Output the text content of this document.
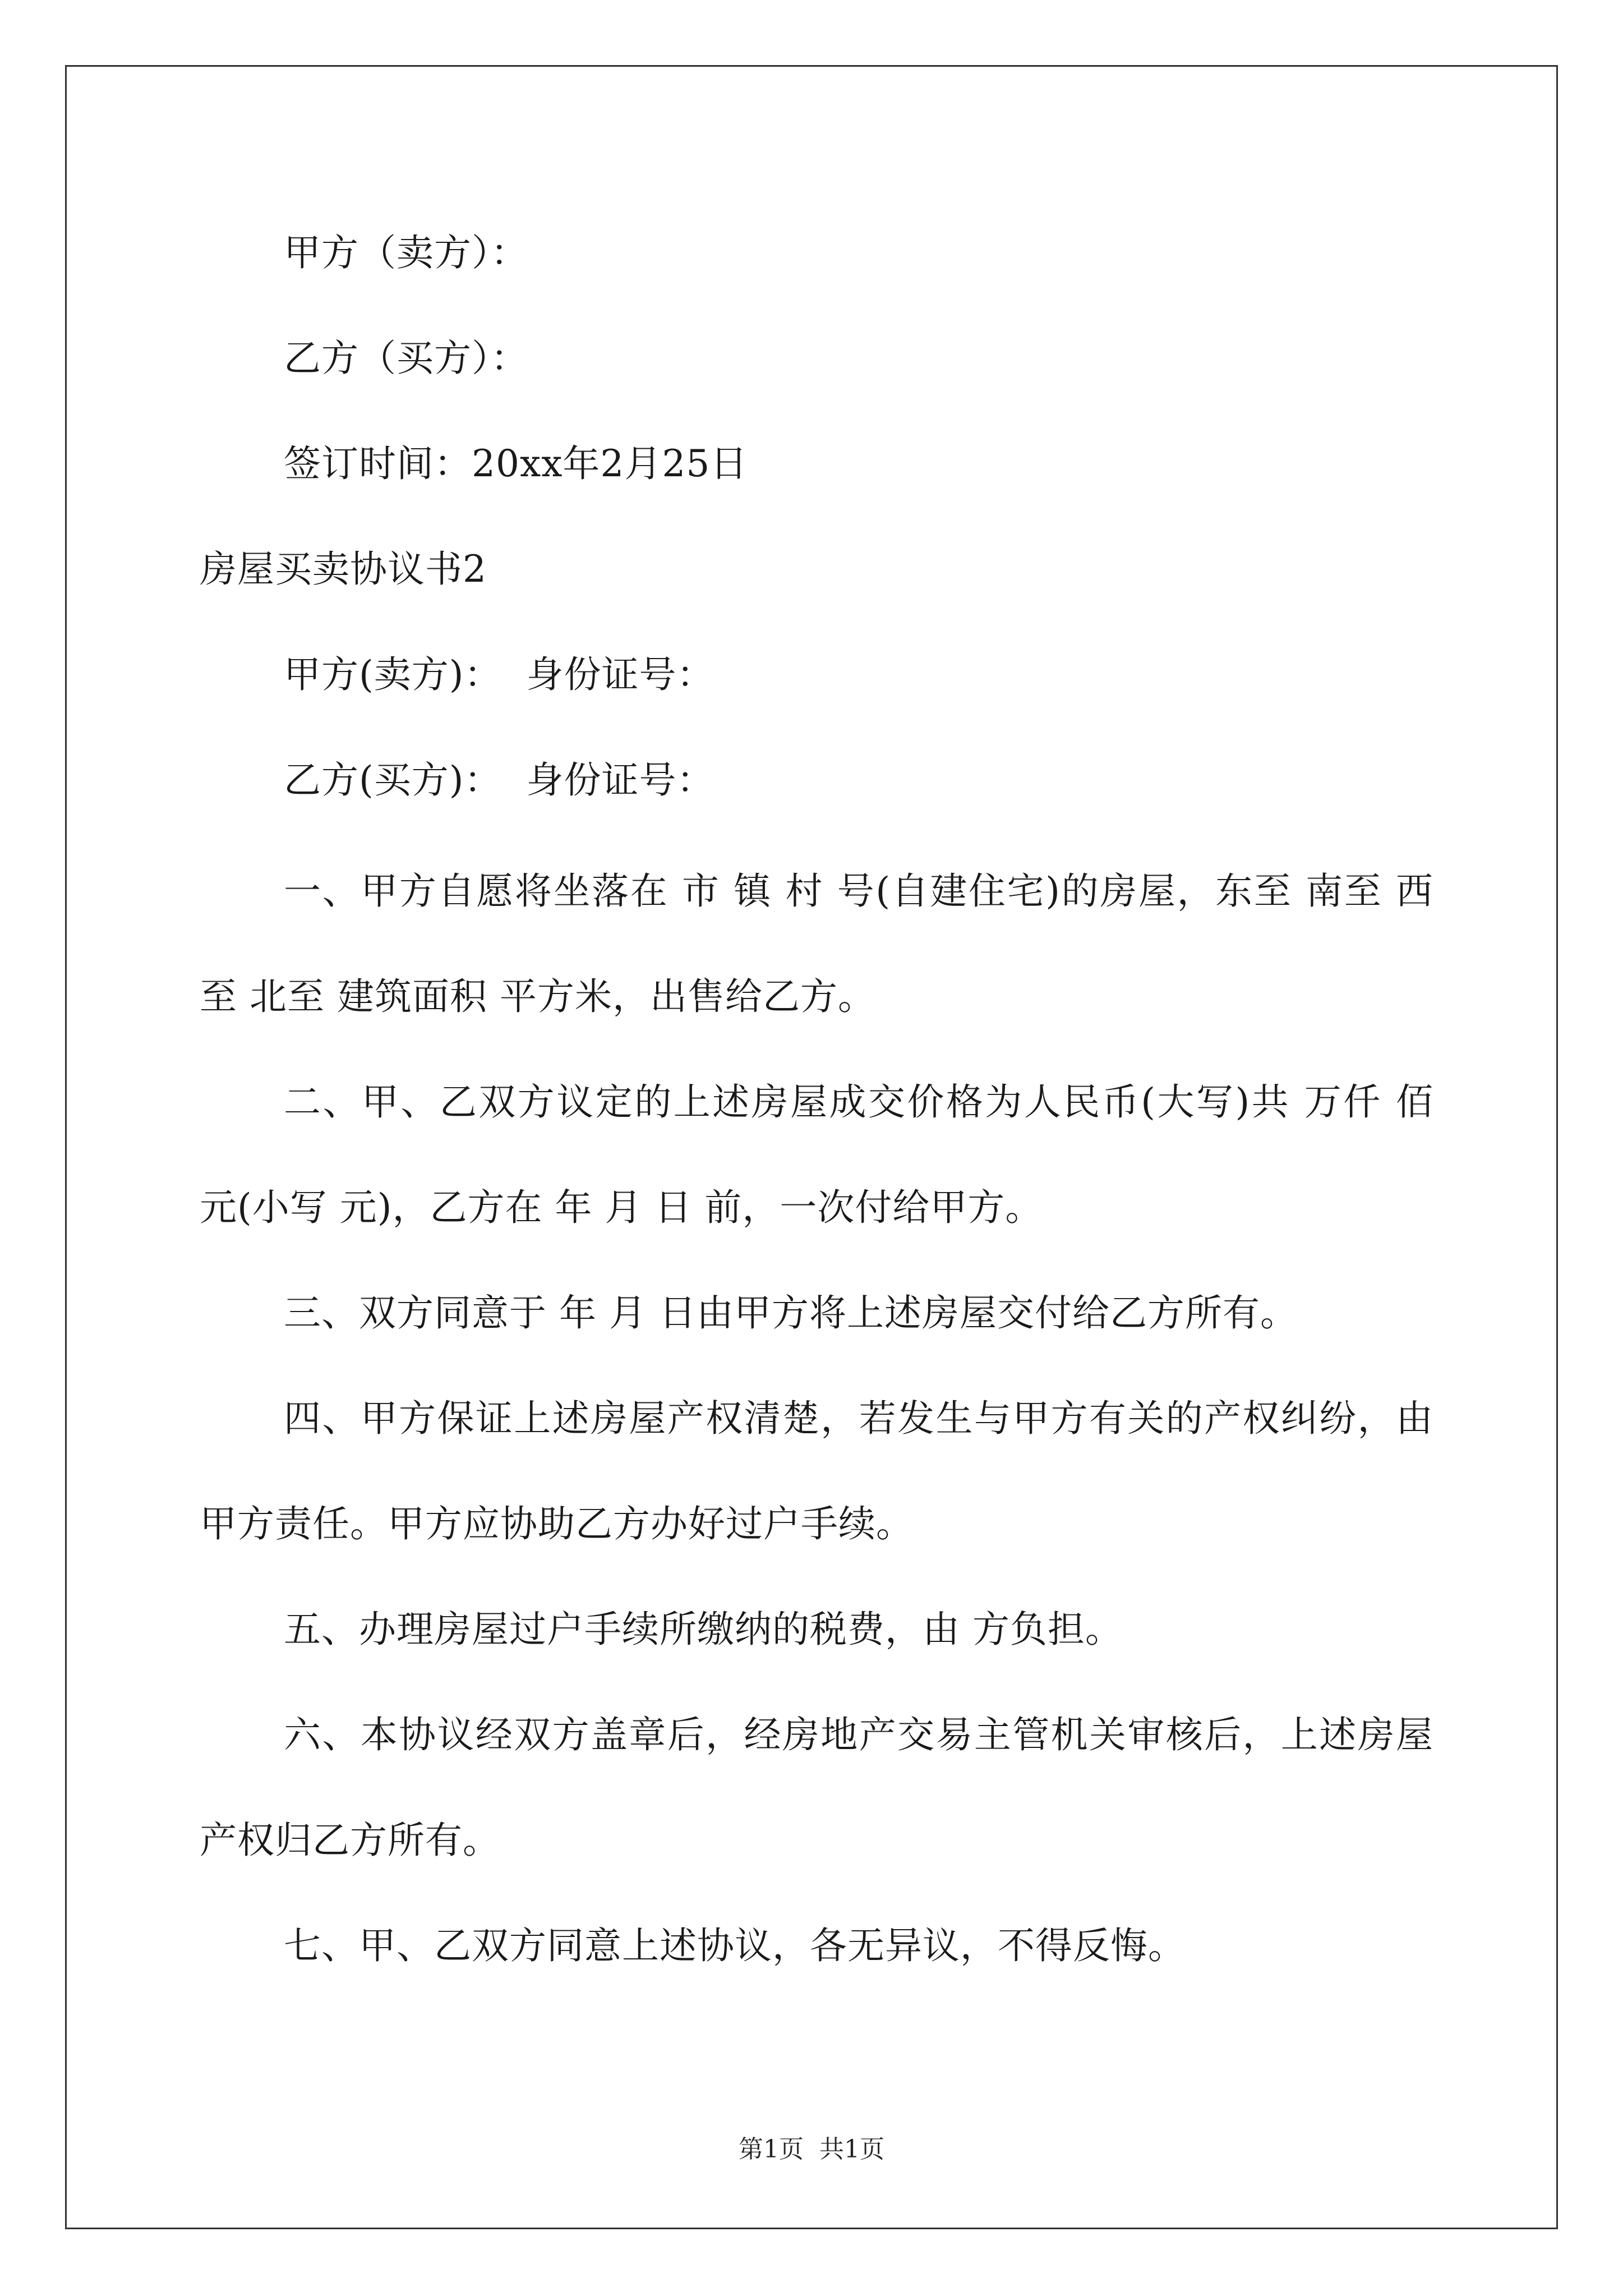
甲方（卖方）：
乙方（买方）：
签订时间：20xx年2月25日
房屋买卖协议书2
甲方(卖方)：  身份证号：
乙方(买方)：  身份证号：
一、甲方自愿将坐落在 市 镇 村 号(自建住宅)的房屋，东至 南至 西至 北至 建筑面积 平方米，出售给乙方。
二、甲、乙双方议定的上述房屋成交价格为人民币(大写)共 万仟 佰 元(小写 元)，乙方在 年 月 日 前，一次付给甲方。
三、双方同意于 年 月 日由甲方将上述房屋交付给乙方所有。
四、甲方保证上述房屋产权清楚，若发生与甲方有关的产权纠纷，由甲方责任。甲方应协助乙方办好过户手续。
五、办理房屋过户手续所缴纳的税费，由 方负担。
六、本协议经双方盖章后，经房地产交易主管机关审核后，上述房屋产权归乙方所有。
七、甲、乙双方同意上述协议，各无异议，不得反悔。
第1页  共1页
